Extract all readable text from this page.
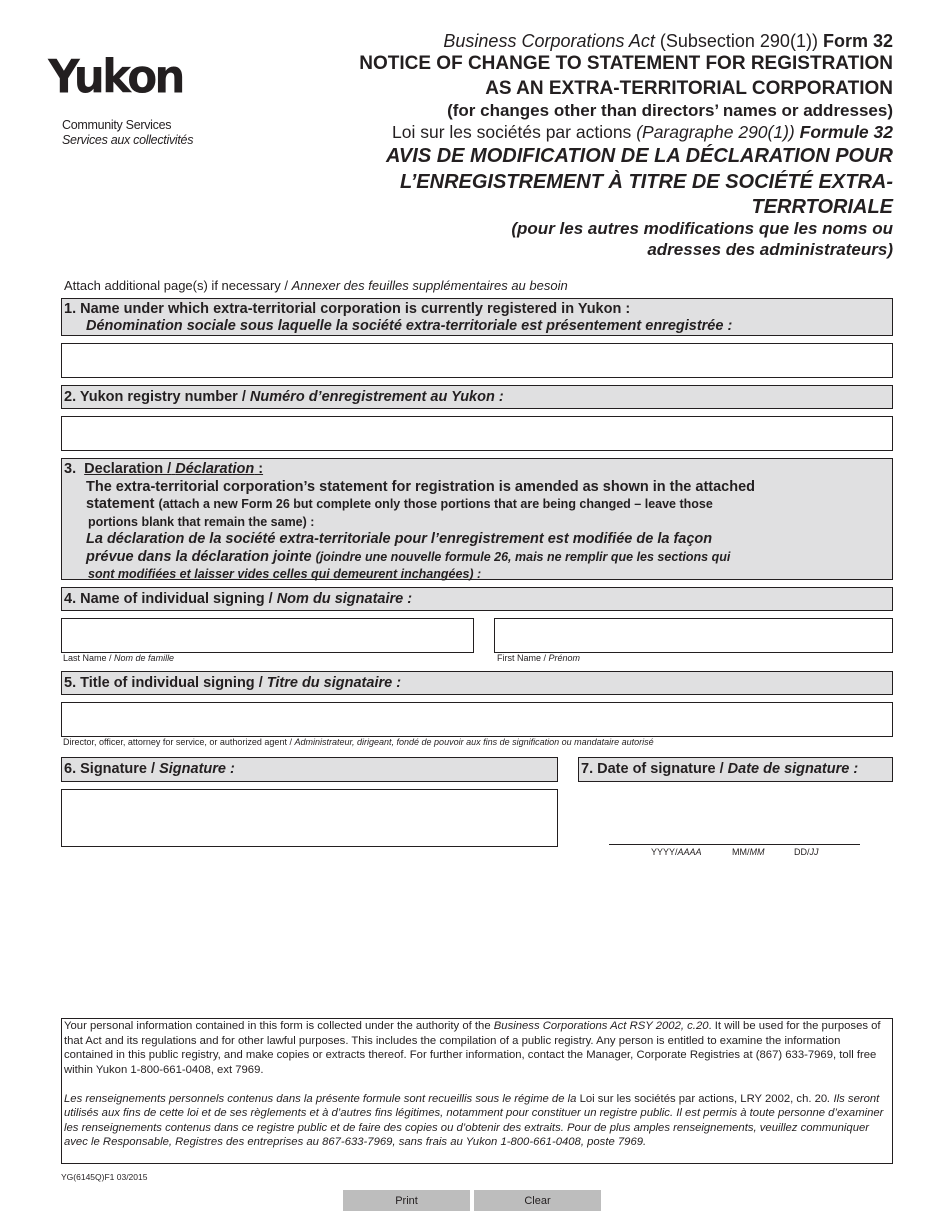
Yukon
Community Services
Services aux collectivités
Business Corporations Act (Subsection 290(1)) Form 32
NOTICE OF CHANGE TO STATEMENT FOR REGISTRATION
AS AN EXTRA-TERRITORIAL CORPORATION
(for changes other than directors’ names or addresses)
Loi sur les sociétés par actions (Paragraphe 290(1)) Formule 32
AVIS DE MODIFICATION DE LA DÉCLARATION POUR
L’ENREGISTREMENT À TITRE DE SOCIÉTÉ EXTRA-
TERRTORIALE
(pour les autres modifications que les noms ou
adresses des administrateurs)
Attach additional page(s) if necessary / Annexer des feuilles supplémentaires au besoin
1. Name under which extra-territorial corporation is currently registered in Yukon :
Dénomination sociale sous laquelle la société extra-territoriale est présentement enregistrée :
2. Yukon registry number / Numéro d’enregistrement au Yukon :
3. Declaration / Déclaration :
The extra-territorial corporation’s statement for registration is amended as shown in the attached
statement (attach a new Form 26 but complete only those portions that are being changed – leave those
portions blank that remain the same) :
La déclaration de la société extra-territoriale pour l’enregistrement est modifiée de la façon
prévue dans la déclaration jointe (joindre une nouvelle formule 26, mais ne remplir que les sections qui
sont modifiées et laisser vides celles qui demeurent inchangées) :
4. Name of individual signing / Nom du signataire :
Last Name / Nom de famille	First Name / Prénom
5. Title of individual signing / Titre du signataire :
Director, officer, attorney for service, or authorized agent / Administrateur, dirigeant, fondé de pouvoir aux fins de signification ou mandataire autorisé
6. Signature / Signature :	7. Date of signature / Date de signature :
YYYY/AAAA	MM/MM	DD/JJ

Your personal information contained in this form is collected under the authority of the Business Corporations Act RSY 2002, c.20. It will be used for the purposes of that Act and its regulations and for other lawful purposes. This includes the compilation of a public registry. Any person is entitled to examine the information contained in this public registry, and make copies or extracts thereof. For further information, contact the Manager, Corporate Registries at (867) 633-7969, toll free within Yukon 1-800-661-0408, ext 7969.

Les renseignements personnels contenus dans la présente formule sont recueillis sous le régime de la Loi sur les sociétés par actions, LRY 2002, ch. 20. Ils seront utilisés aux fins de cette loi et de ses règlements et à d’autres fins légitimes, notamment pour constituer un registre public. Il est permis à toute personne d’examiner les renseignements contenus dans ce registre public et de faire des copies ou d’obtenir des extraits. Pour de plus amples renseignements, veuillez communiquer avec le Responsable, Registres des entreprises au 867-633-7969, sans frais au Yukon 1-800-661-0408, poste 7969.

YG(6145Q)F1 03/2015
Print	Clear
